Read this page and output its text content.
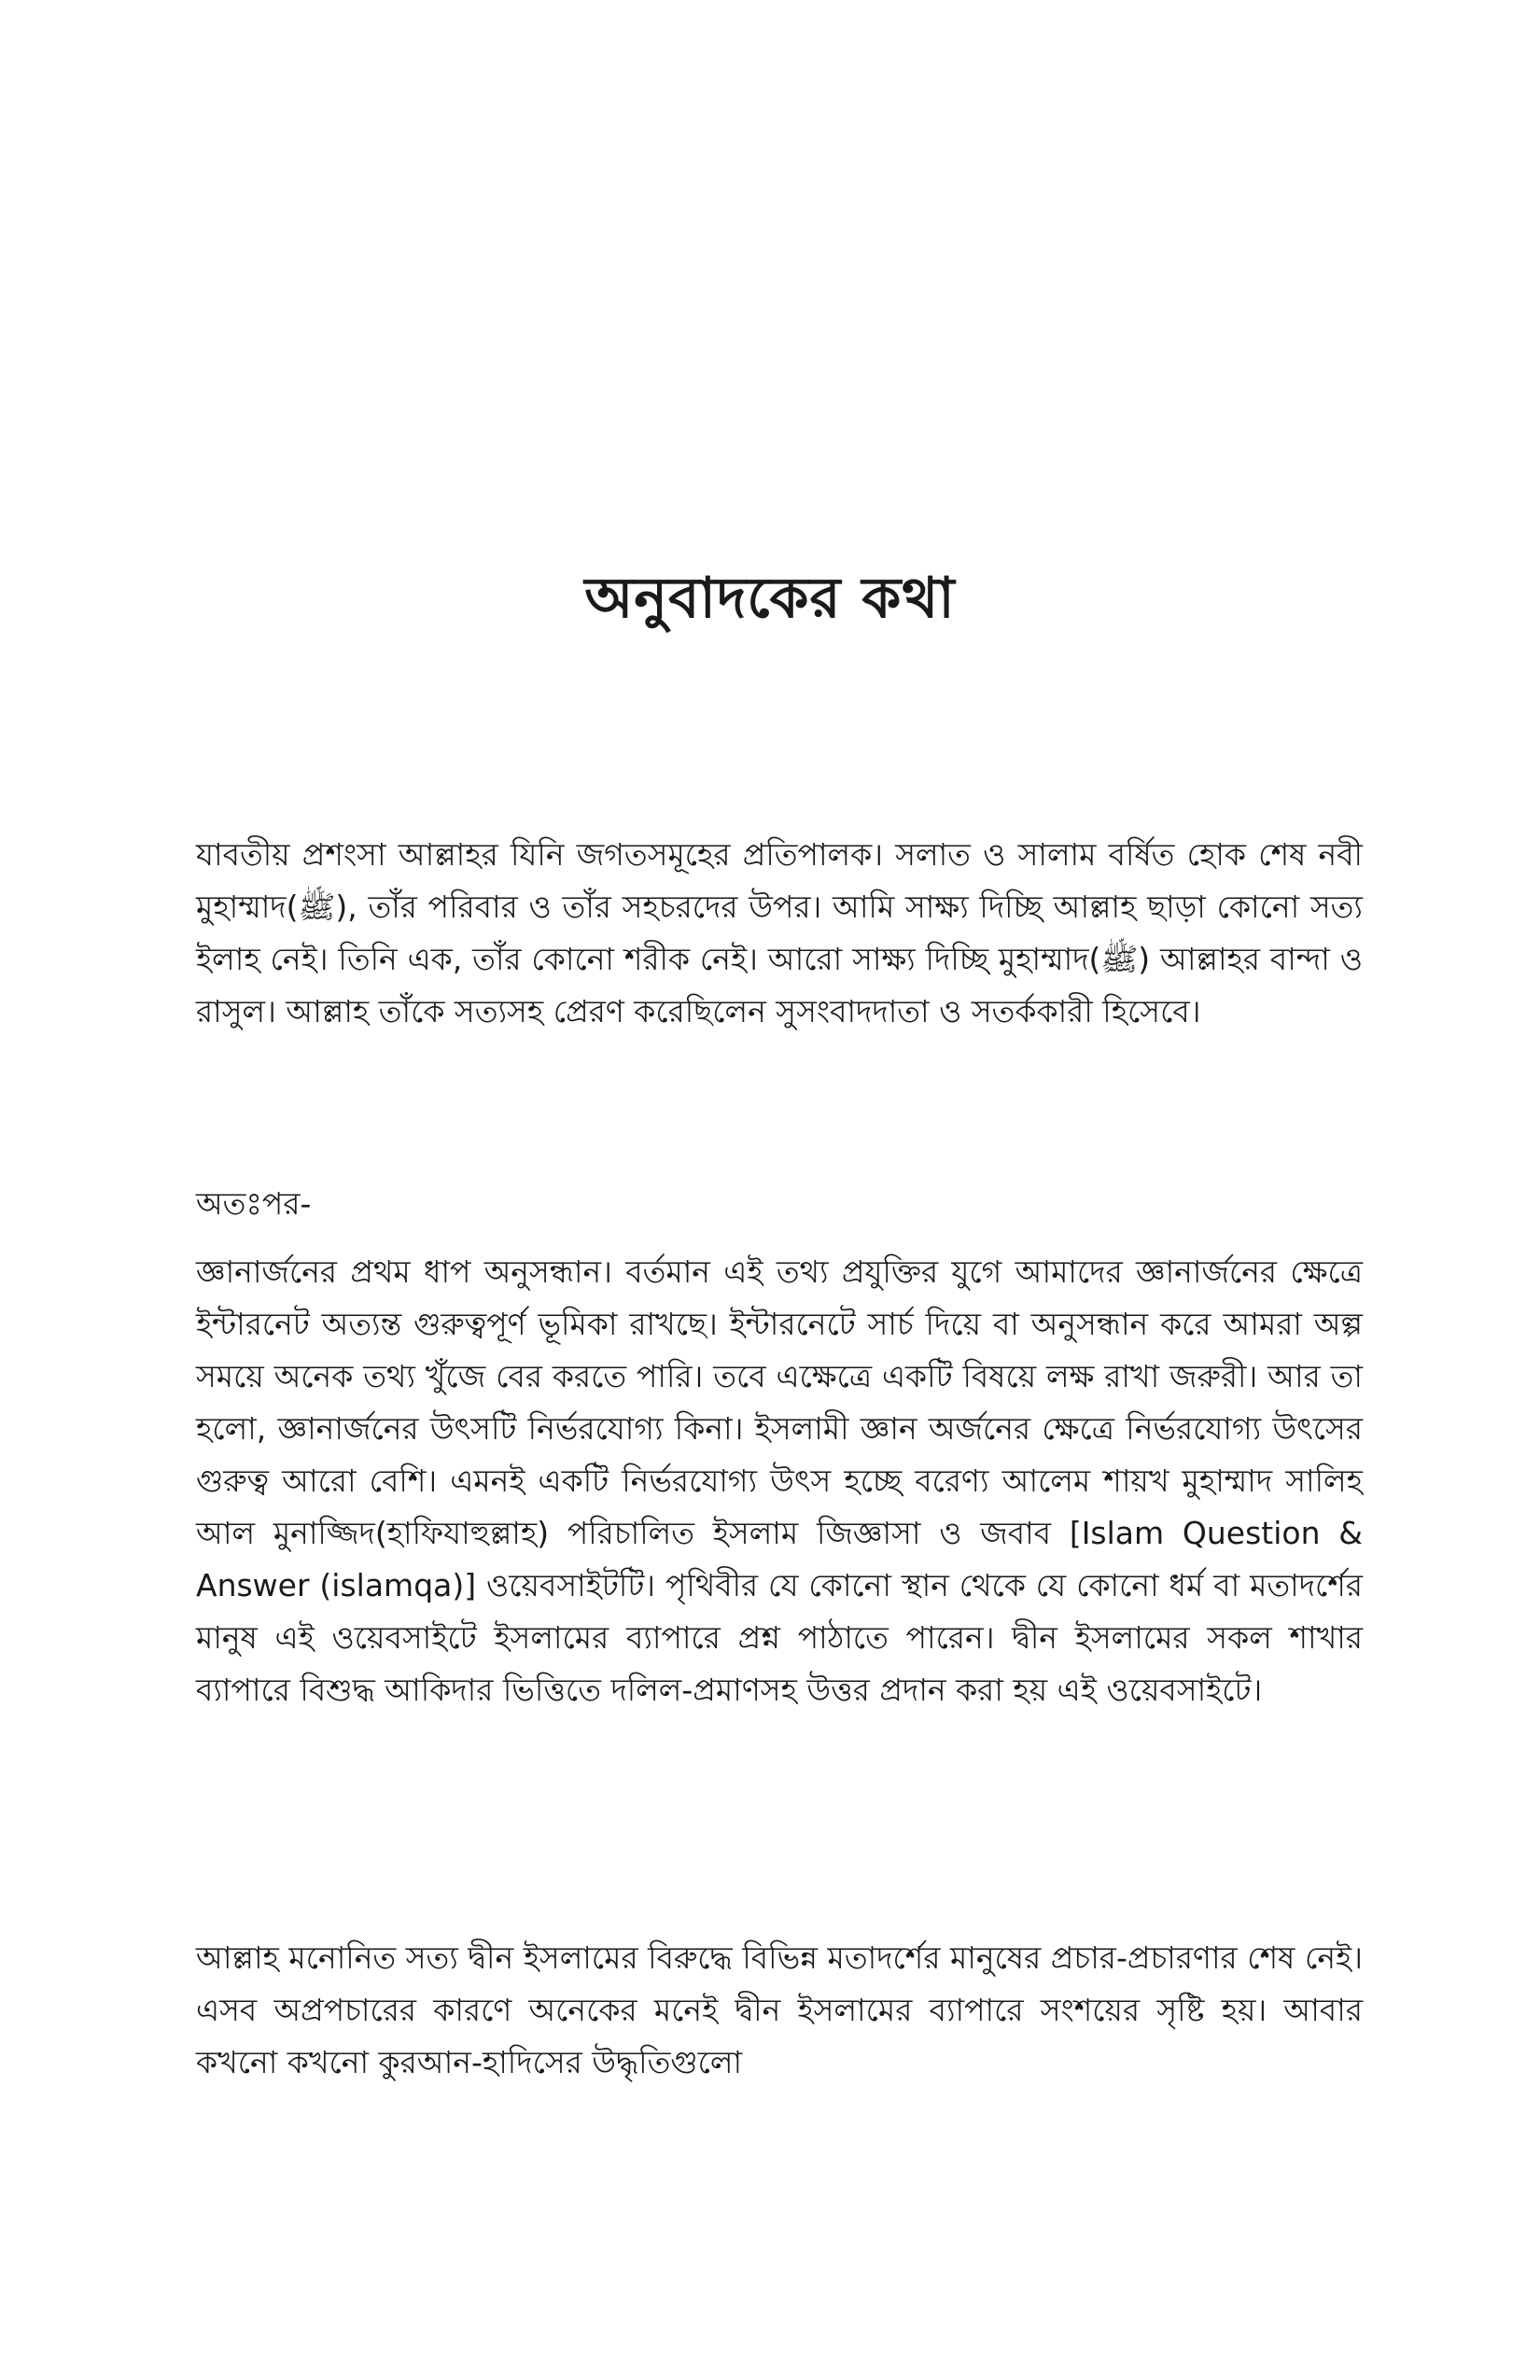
অনুবাদকের কথা

যাবতীয় প্রশংসা আল্লাহর যিনি জগতসমূহের প্রতিপালক। সলাত ও সালাম বর্ষিত হোক শেষ নবী মুহাম্মাদ(ﷺ), তাঁর পরিবার ও তাঁর সহচরদের উপর। আমি সাক্ষ্য দিচ্ছি আল্লাহ ছাড়া কোনো সত্য ইলাহ নেই। তিনি এক, তাঁর কোনো শরীক নেই। আরো সাক্ষ্য দিচ্ছি মুহাম্মাদ(ﷺ) আল্লাহর বান্দা ও রাসুল। আল্লাহ তাঁকে সত্যসহ প্রেরণ করেছিলেন সুসংবাদদাতা ও সতর্ককারী হিসেবে।

অতঃপর-

জ্ঞানার্জনের প্রথম ধাপ অনুসন্ধান। বর্তমান এই তথ্য প্রযুক্তির যুগে আমাদের জ্ঞানার্জনের ক্ষেত্রে ইন্টারনেট অত্যন্ত গুরুত্বপূর্ণ ভূমিকা রাখছে। ইন্টারনেটে সার্চ দিয়ে বা অনুসন্ধান করে আমরা অল্প সময়ে অনেক তথ্য খুঁজে বের করতে পারি। তবে এক্ষেত্রে একটি বিষয়ে লক্ষ রাখা জরুরী। আর তা হলো, জ্ঞানার্জনের উৎসটি নির্ভরযোগ্য কিনা। ইসলামী জ্ঞান অর্জনের ক্ষেত্রে নির্ভরযোগ্য উৎসের গুরুত্ব আরো বেশি। এমনই একটি নির্ভরযোগ্য উৎস হচ্ছে বরেণ্য আলেম শায়খ মুহাম্মাদ সালিহ আল মুনাজ্জিদ(হাফিযাহুল্লাহ) পরিচালিত ইসলাম জিজ্ঞাসা ও জবাব [Islam Question & Answer (islamqa)] ওয়েবসাইটটি। পৃথিবীর যে কোনো স্থান থেকে যে কোনো ধর্ম বা মতাদর্শের মানুষ এই ওয়েবসাইটে ইসলামের ব্যাপারে প্রশ্ন পাঠাতে পারেন। দ্বীন ইসলামের সকল শাখার ব্যাপারে বিশুদ্ধ আকিদার ভিত্তিতে দলিল-প্রমাণসহ উত্তর প্রদান করা হয় এই ওয়েবসাইটে।

আল্লাহ মনোনিত সত্য দ্বীন ইসলামের বিরুদ্ধে বিভিন্ন মতাদর্শের মানুষের প্রচার-প্রচারণার শেষ নেই। এসব অপ্রপচারের কারণে অনেকের মনেই দ্বীন ইসলামের ব্যাপারে সংশয়ের সৃষ্টি হয়। আবার কখনো কখনো কুরআন-হাদিসের উদ্ধৃতিগুলো
